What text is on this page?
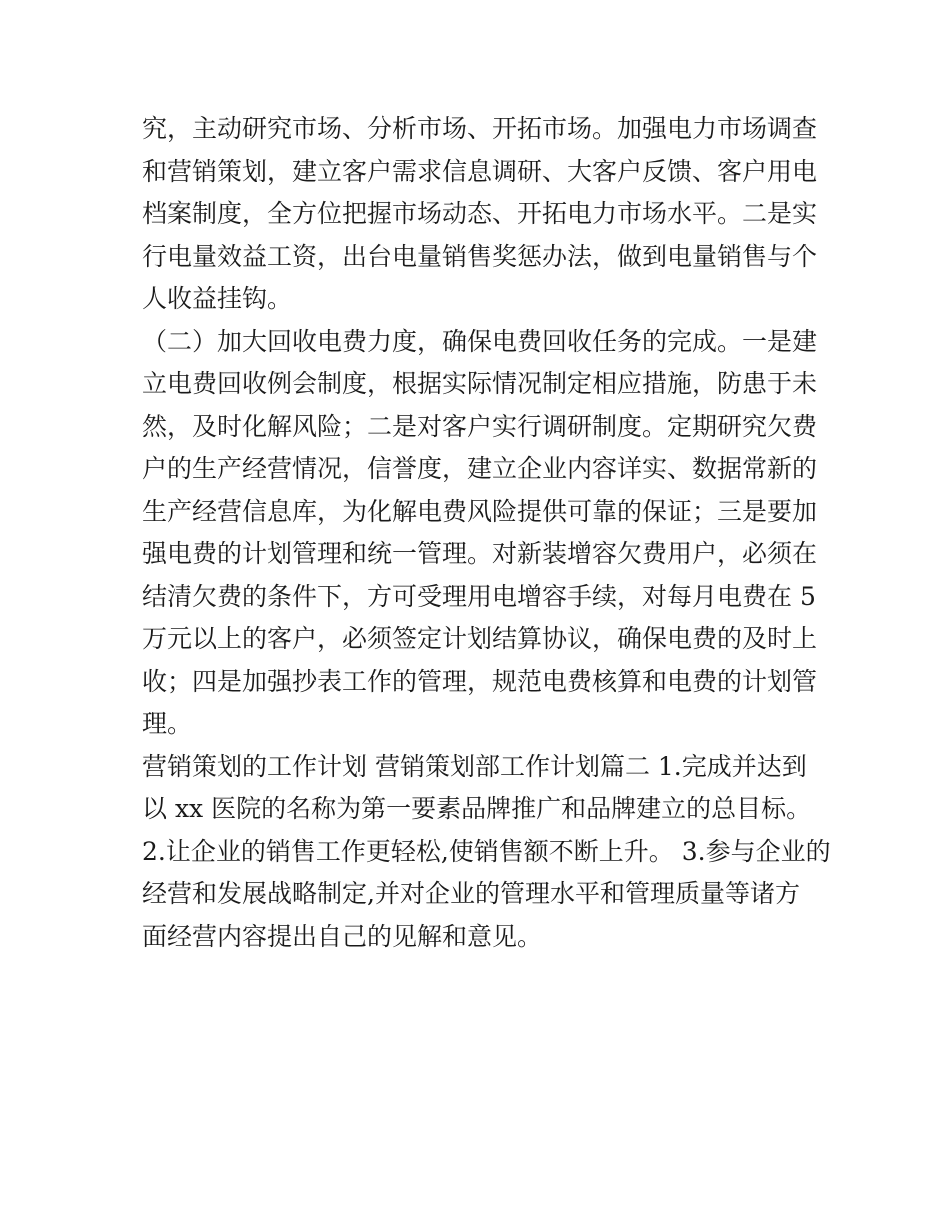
究，主动研究市场、分析市场、开拓市场。加强电力市场调查
和营销策划，建立客户需求信息调研、大客户反馈、客户用电
档案制度，全方位把握市场动态、开拓电力市场水平。二是实
行电量效益工资，出台电量销售奖惩办法，做到电量销售与个
人收益挂钩。
（二）加大回收电费力度，确保电费回收任务的完成。一是建
立电费回收例会制度，根据实际情况制定相应措施，防患于未
然，及时化解风险；二是对客户实行调研制度。定期研究欠费
户的生产经营情况，信誉度，建立企业内容详实、数据常新的
生产经营信息库，为化解电费风险提供可靠的保证；三是要加
强电费的计划管理和统一管理。对新装增容欠费用户，必须在
结清欠费的条件下，方可受理用电增容手续，对每月电费在 5
万元以上的客户，必须签定计划结算协议，确保电费的及时上
收；四是加强抄表工作的管理，规范电费核算和电费的计划管
理。
营销策划的工作计划 营销策划部工作计划篇二 1.完成并达到
以 xx 医院的名称为第一要素品牌推广和品牌建立的总目标。
2.让企业的销售工作更轻松,使销售额不断上升。 3.参与企业的
经营和发展战略制定,并对企业的管理水平和管理质量等诸方
面经营内容提出自己的见解和意见。
